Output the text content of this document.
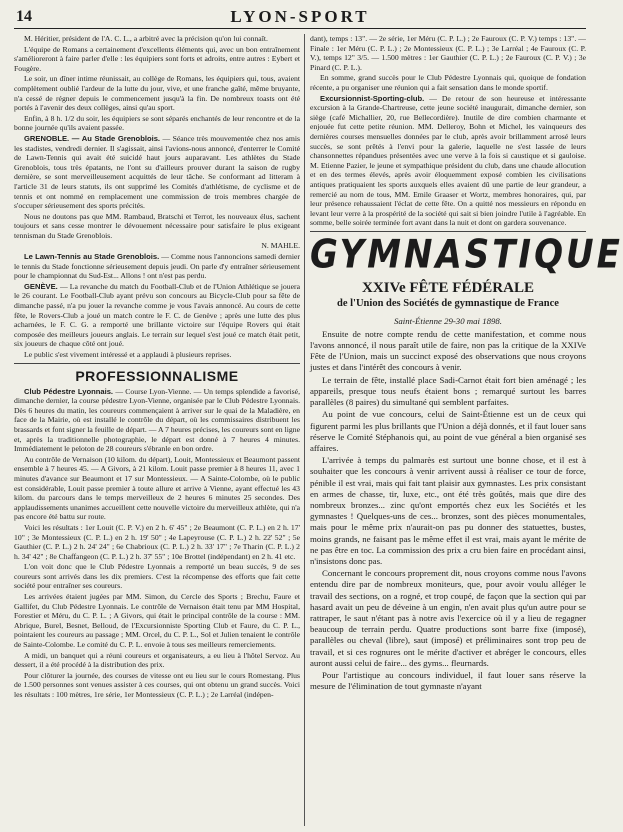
14	LYON-SPORT

M. Héritier, président de l'A. C. L., a arbitré avec la précision qu'on lui connaît.

L'équipe de Romans a certainement d'excellents éléments qui, avec un bon entraînement s'amélioreront à faire parler d'elle : les équipiers sont forts et adroits, entre autres : Eybert et Fougère.

Le soir, un dîner intime réunissait, au collège de Romans, les équipiers qui, tous, avaient complètement oublié l'ardeur de la lutte du jour, vive, et une franche gaîté, même bruyante, n'a cessé de régner depuis le commencement jusqu'à la fin. De nombreux toasts ont été portés à l'avenir des deux collèges, ainsi qu'au sport.

Enfin, à 8 h. 1/2 du soir, les équipiers se sont séparés enchantés de leur rencontre et de la bonne journée qu'ils avaient passée.

GRENOBLE. — Au Stade Grenoblois. — Séance très mouvementée chez nos amis les stadistes, vendredi dernier. Il s'agissait, ainsi l'avions-nous annoncé, d'enterrer le Comité de Lawn-Tennis qui avait été suicidé haut jours auparavant. Les athlètes du Stade Grenoblois, tous très épatants, ne l'ont su d'ailleurs prouver durant la saison de rugby dernière, se sont merveilleusement acquittés de leur tâche. Se conformant ad litteram à l'article 31 de leurs statuts, ils ont supprimé les Comités d'athlétisme, de cyclisme et de tennis et ont nommé en remplacement une commission de trois membres chargée de s'occuper sérieusement des sports précités.

Nous ne doutons pas que MM. Rambaud, Bratschi et Terrot, les nouveaux élus, sachent toujours et sans cesse montrer le dévouement nécessaire pour satisfaire le plus exigeant tennisman du Stade Grenoblois.

N. MAHLE.

Le Lawn-Tennis au Stade Grenoblois. — Comme nous l'annoncions samedi dernier le tennis du Stade fonctionne sérieusement depuis jeudi. On parle d'y entraîner sérieusement pour le championnat du Sud-Est... Allons ! ont n'est pas perdu.

GENÈVE. — La revanche du match du Football-Club et de l'Union Athlétique se jouera le 26 courant. Le Football-Club ayant prévu son concours au Bicycle-Club pour sa fête de dimanche passé, n'a pu jouer la revanche comme je vous l'avais annoncé. Au cours de cette fête, le Rovers-Club a joué un match contre le F. C. de Genève ; après une lutte des plus acharnées, le F. C. G. a remporté une brillante victoire sur l'équipe Rovers qui était composée des meilleurs joueurs anglais. Le terrain sur lequel s'est joué ce match était petit, six joueurs de chaque côté ont joué.

Le public s'est vivement intéressé et a applaudi à plusieurs reprises.

PROFESSIONNALISME

Club Pédestre Lyonnais. — Course Lyon-Vienne. — Un temps splendide a favorisé, dimanche dernier, la course pédestre Lyon-Vienne, organisée par le Club Pédestre Lyonnais. Dès 6 heures du matin, les coureurs commençaient à arriver sur le quai de la Maladière, en face de la Mairie, où est installé le contrôle du départ, où les commissaires distribuent les brassards et font signer la feuille de départ. — A 7 heures précises, les coureurs sont en ligne et, après la traditionnelle photographie, le départ est donné à 7 heures 4 minutes. Immédiatement le peloton de 28 coureurs s'ébranle en bon ordre.

Au contrôle de Vernaison (10 kilom. du départ), Louit, Montessieux et Beaumont passent ensemble à 7 heures 45. — A Givors, à 21 kilom. Louit passe premier à 8 heures 11, avec 1 minutes d'avance sur Beaumont et 17 sur Montessieux. — A Sainte-Colombe, où le public est considérable, Louit passe premier à toute allure et arrive à Vienne, ayant effectué les 43 kilom. du parcours dans le temps merveilleux de 2 heures 6 minutes 25 secondes. Des applaudissements unanimes accueillent cette nouvelle victoire du merveilleux athlète, qui n'a pas encore été battu sur route.

Voici les résultats : 1er Louit (C. P. V.) en 2 h. 6' 45" ; 2e Beaumont (C. P. L.) en 2 h. 17' 10" ; 3e Montessieux (C. P. L.) en 2 h. 19' 50" ; 4e Lapeyrouse (C. P. L.) 2 h. 22' 52" ; 5e Gauthier (C. P. L.) 2 h. 24' 24" ; 6e Chabrioux (C. P. L.) 2 h. 33' 17" ; 7e Tharin (C. P. L.) 2 h. 34' 42" ; 8e Chaffangeon (C. P. L.) 2 h. 37' 55" ; 10e Brottel (indépendant) en 2 h. 41 etc.

L'on voit donc que le Club Pédestre Lyonnais a remporté un beau succès, 9 de ses coureurs sont arrivés dans les dix premiers. C'est la récompense des efforts que fait cette société pour entraîner ses coureurs.

Les arrivées étaient jugées par MM. Simon, du Cercle des Sports ; Brechu, Faure et Gallifet, du Club Pédestre Lyonnais. Le contrôle de Vernaison était tenu par MM Hospital, Forestier et Méru, du C. P. L. ; A Givors, qui était le principal contrôle de la course : MM. Abrique, Burel, Besnet, Belloud, de l'Excursionniste Sporting Club et Faure, du C. P. L., pointaient les coureurs au passage ; MM. Orcel, du C. P. L., Sol et Julien tenaient le contrôle de Sainte-Colombe. Le comité du C. P. L. envoie à tous ses meilleurs remerciements.

A midi, un banquet qui a réuni coureurs et organisateurs, a eu lieu à l'hôtel Servoz. Au dessert, il a été procédé à la distribution des prix.

Pour clôturer la journée, des courses de vitesse ont eu lieu sur le cours Romestang. Plus de 1.500 personnes sont venues assister à ces courses, qui ont obtenu un grand succès. Voici les résultats : 100 mètres, 1re série, 1er Montessieux (C. P. L.) ; 2e Larréal (indépen-

dant), temps : 13". — 2e série, 1er Méru (C. P. L.) ; 2e Fauroux (C. P. V.) temps : 13". — Finale : 1er Méru (C. P. L.) ; 2e Montessieux (C. P. L.) ; 3e Larréal ; 4e Fauroux (C. P. V.), temps 12" 3/5. — 1.500 mètres : 1er Gauthier (C. P. L.) ; 2e Fauroux (C. P. V.) ; 3e Pinard (C. P. L.).

En somme, grand succès pour le Club Pédestre Lyonnais qui, quoique de fondation récente, a pu organiser une réunion qui a fait sensation dans le monde sportif.

Excursionnist-Sporting-club. — De retour de son heureuse et intéressante excursion à la Grande-Chartreuse, cette jeune société inaugurait, dimanche dernier, son siège (café Michallier, 20, rue Bellecordière). Inutile de dire combien charmante et enjouée fut cette petite réunion. MM. Delleroy, Bohn et Michel, les vainqueurs des dernières courses mensuelles données par le club, après avoir brillamment arrosé leurs succès, se sont prêtés à l'envi pour la galerie, laquelle ne s'est lassée de leurs chansonnettes répandues présentées avec une verve à la fois si caustique et si gauloise. M. Etienne Pazier, le jeune et sympathique président du club, dans une chaude allocution et en des termes élevés, après avoir éloquemment exposé combien les civilisations antiques pratiquaient les sports auxquels elles avaient dû une partie de leur grandeur, a remercié au nom de tous, MM. Emile Graaser et Wortz, membres honoraires, qui, par leur présence rehaussaient l'éclat de cette fête. On a quitté nos messieurs en répondu en levant leur verre à la prospérité de la société qui sait si bien joindre l'utile à l'agréable. En somme, belle soirée terminée fort avant dans la nuit et dont on gardera souvenance.

GYMNASTIQUE
XXIVe FÊTE FÉDÉRALE
de l'Union des Sociétés de gymnastique de France
Saint-Étienne 29-30 mai 1898.

Ensuite de notre compte rendu de cette manifestation, et comme nous l'avons annoncé, il nous paraît utile de faire, non pas la critique de la XXIVe Fête de l'Union, mais un succinct exposé des observations que nous croyons justes et dans l'intérêt des concours à venir.

Le terrain de fête, installé place Sadi-Carnot était fort bien aménagé ; les appareils, presque tous neufs étaient bons ; remarqué surtout les barres parallèles (8 paires) du simultané qui semblent parfaites.

Au point de vue concours, celui de Saint-Étienne est un de ceux qui figurent parmi les plus brillants que l'Union a déjà donnés, et il faut louer sans réserve le Comité Stéphanois qui, au point de vue général a bien organisé ses affaires.

L'arrivée à temps du palmarès est surtout une bonne chose, et il est à souhaiter que les concours à venir arrivent aussi à réaliser ce tour de force, pénible il est vrai, mais qui fait tant plaisir aux gymnastes. Les prix consistant en armes de chasse, tir, luxe, etc., ont été très goûtés, mais que dire des nombreux bronzes... zinc qu'ont emportés chez eux les Sociétés et les gymnastes ! Quelques-uns de ces... bronzes, sont des pièces monumentales, mais pour le même prix n'aurait-on pas pu donner des statuettes, bustes, moins grands, ne faisant pas le même effet il est vrai, mais ayant le mérite de ne pas être en toc. La commission des prix a cru bien faire en procédant ainsi, n'insistons donc pas.

Concernant le concours proprement dit, nous croyons comme nous l'avons entendu dire par de nombreux moniteurs, que, pour avoir voulu alléger le travail des sections, on a rogné, et trop coupé, de façon que la section qui par hasard avait un peu de déveine à un engin, n'en avait plus qu'un autre pour se rattraper, le saut n'étant pas à notre avis l'exercice où il y a lieu de regagner beaucoup de terrain perdu. Quatre productions sont barre fixe (imposé), parallèles ou cheval (libre), saut (imposé) et préliminaires sont trop peu de travail, et si ces rognures ont le mérite d'activer et abréger le concours, elles auront aussi celui de faire... des gyms... fleurnards.

Pour l'artistique au concours individuel, il faut louer sans réserve la mesure de l'élimination de tout gymnaste n'ayant
